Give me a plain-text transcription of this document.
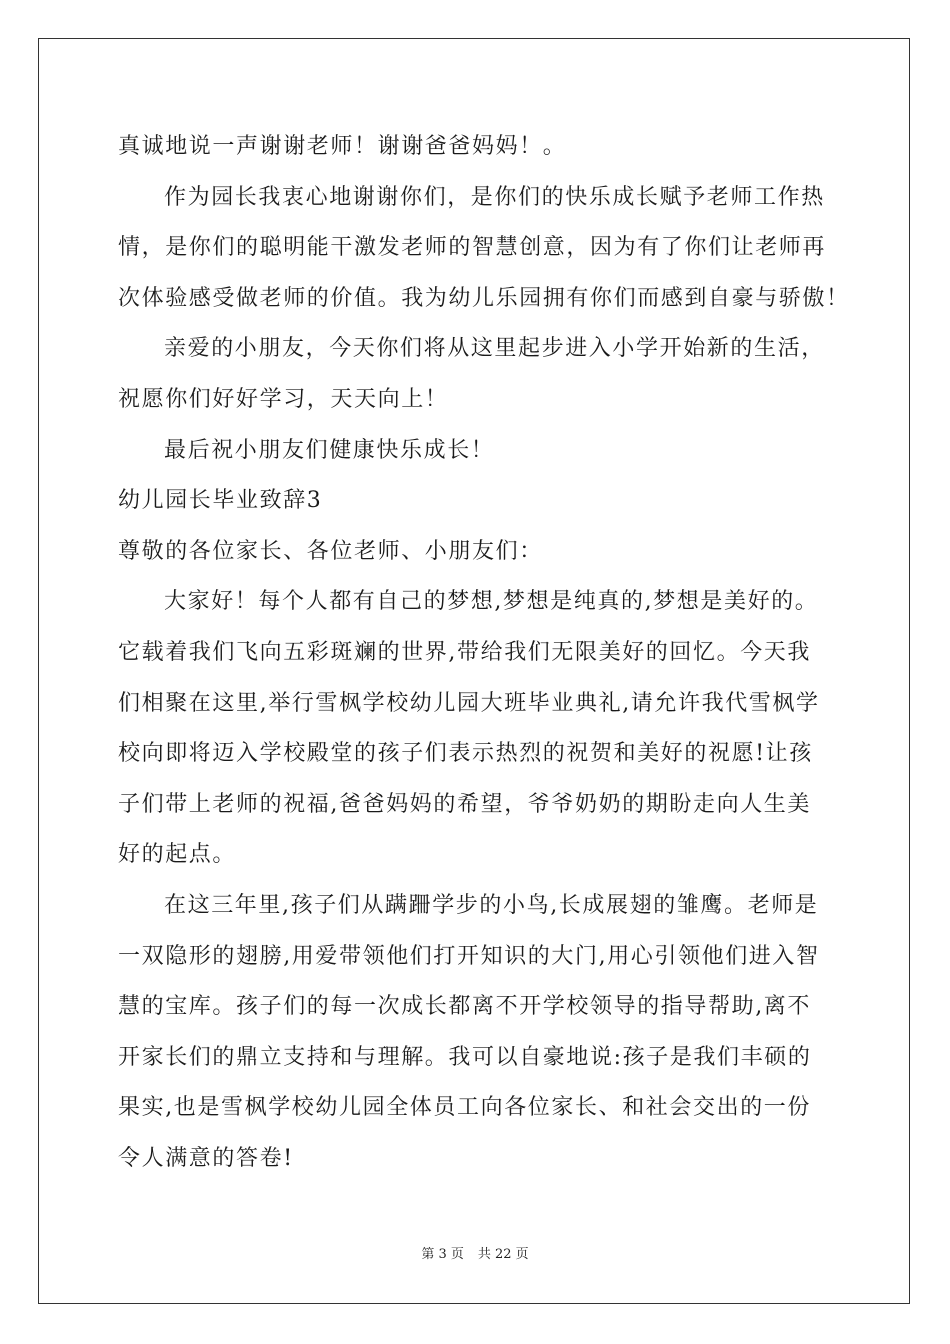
真诚地说一声谢谢老师！谢谢爸爸妈妈！。
作为园长我衷心地谢谢你们，是你们的快乐成长赋予老师工作热
情，是你们的聪明能干激发老师的智慧创意，因为有了你们让老师再
次体验感受做老师的价值。我为幼儿乐园拥有你们而感到自豪与骄傲！
亲爱的小朋友，今天你们将从这里起步进入小学开始新的生活，
祝愿你们好好学习，天天向上！
最后祝小朋友们健康快乐成长！
幼儿园长毕业致辞3
尊敬的各位家长、各位老师、小朋友们：
大家好！每个人都有自己的梦想,梦想是纯真的,梦想是美好的。
它载着我们飞向五彩斑斓的世界,带给我们无限美好的回忆。今天我
们相聚在这里,举行雪枫学校幼儿园大班毕业典礼,请允许我代雪枫学
校向即将迈入学校殿堂的孩子们表示热烈的祝贺和美好的祝愿!让孩
子们带上老师的祝福,爸爸妈妈的希望，爷爷奶奶的期盼走向人生美
好的起点。
在这三年里,孩子们从蹒跚学步的小鸟,长成展翅的雏鹰。老师是
一双隐形的翅膀,用爱带领他们打开知识的大门,用心引领他们进入智
慧的宝库。孩子们的每一次成长都离不开学校领导的指导帮助,离不
开家长们的鼎立支持和与理解。我可以自豪地说:孩子是我们丰硕的
果实,也是雪枫学校幼儿园全体员工向各位家长、和社会交出的一份
令人满意的答卷!
第 3 页 共 22 页
